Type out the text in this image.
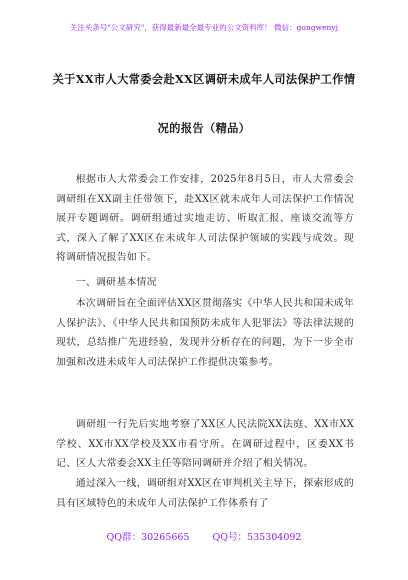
关注头条号"公文研究"，获得最新最全最专业的公文资料库！ 微信：gongwenyj
关于XX市人大常委会赴XX区调研未成年人司法保护工作情
况的报告（精品）
根据市人大常委会工作安排，2025年8月5日，市人大常委会调研组在XX副主任带领下，赴XX区就未成年人司法保护工作情况展开专题调研。调研组通过实地走访、听取汇报、座谈交流等方式，深入了解了XX区在未成年人司法保护领域的实践与成效。现将调研情况报告如下。
一、调研基本情况
本次调研旨在全面评估XX区贯彻落实《中华人民共和国未成年人保护法》、《中华人民共和国预防未成年人犯罪法》等法律法规的现状，总结推广先进经验，发现并分析存在的问题，为下一步全市加强和改进未成年人司法保护工作提供决策参考。
调研组一行先后实地考察了XX区人民法院XX法庭、XX市XX学校、XX市XX学校及XX市看守所。在调研过程中，区委XX书记、区人大常委会XX主任等陪同调研并介绍了相关情况。
通过深入一线，调研组对XX区在审判机关主导下，探索形成的具有区域特色的未成年人司法保护工作体系有了
QQ群：30265665 QQ号：535304092
